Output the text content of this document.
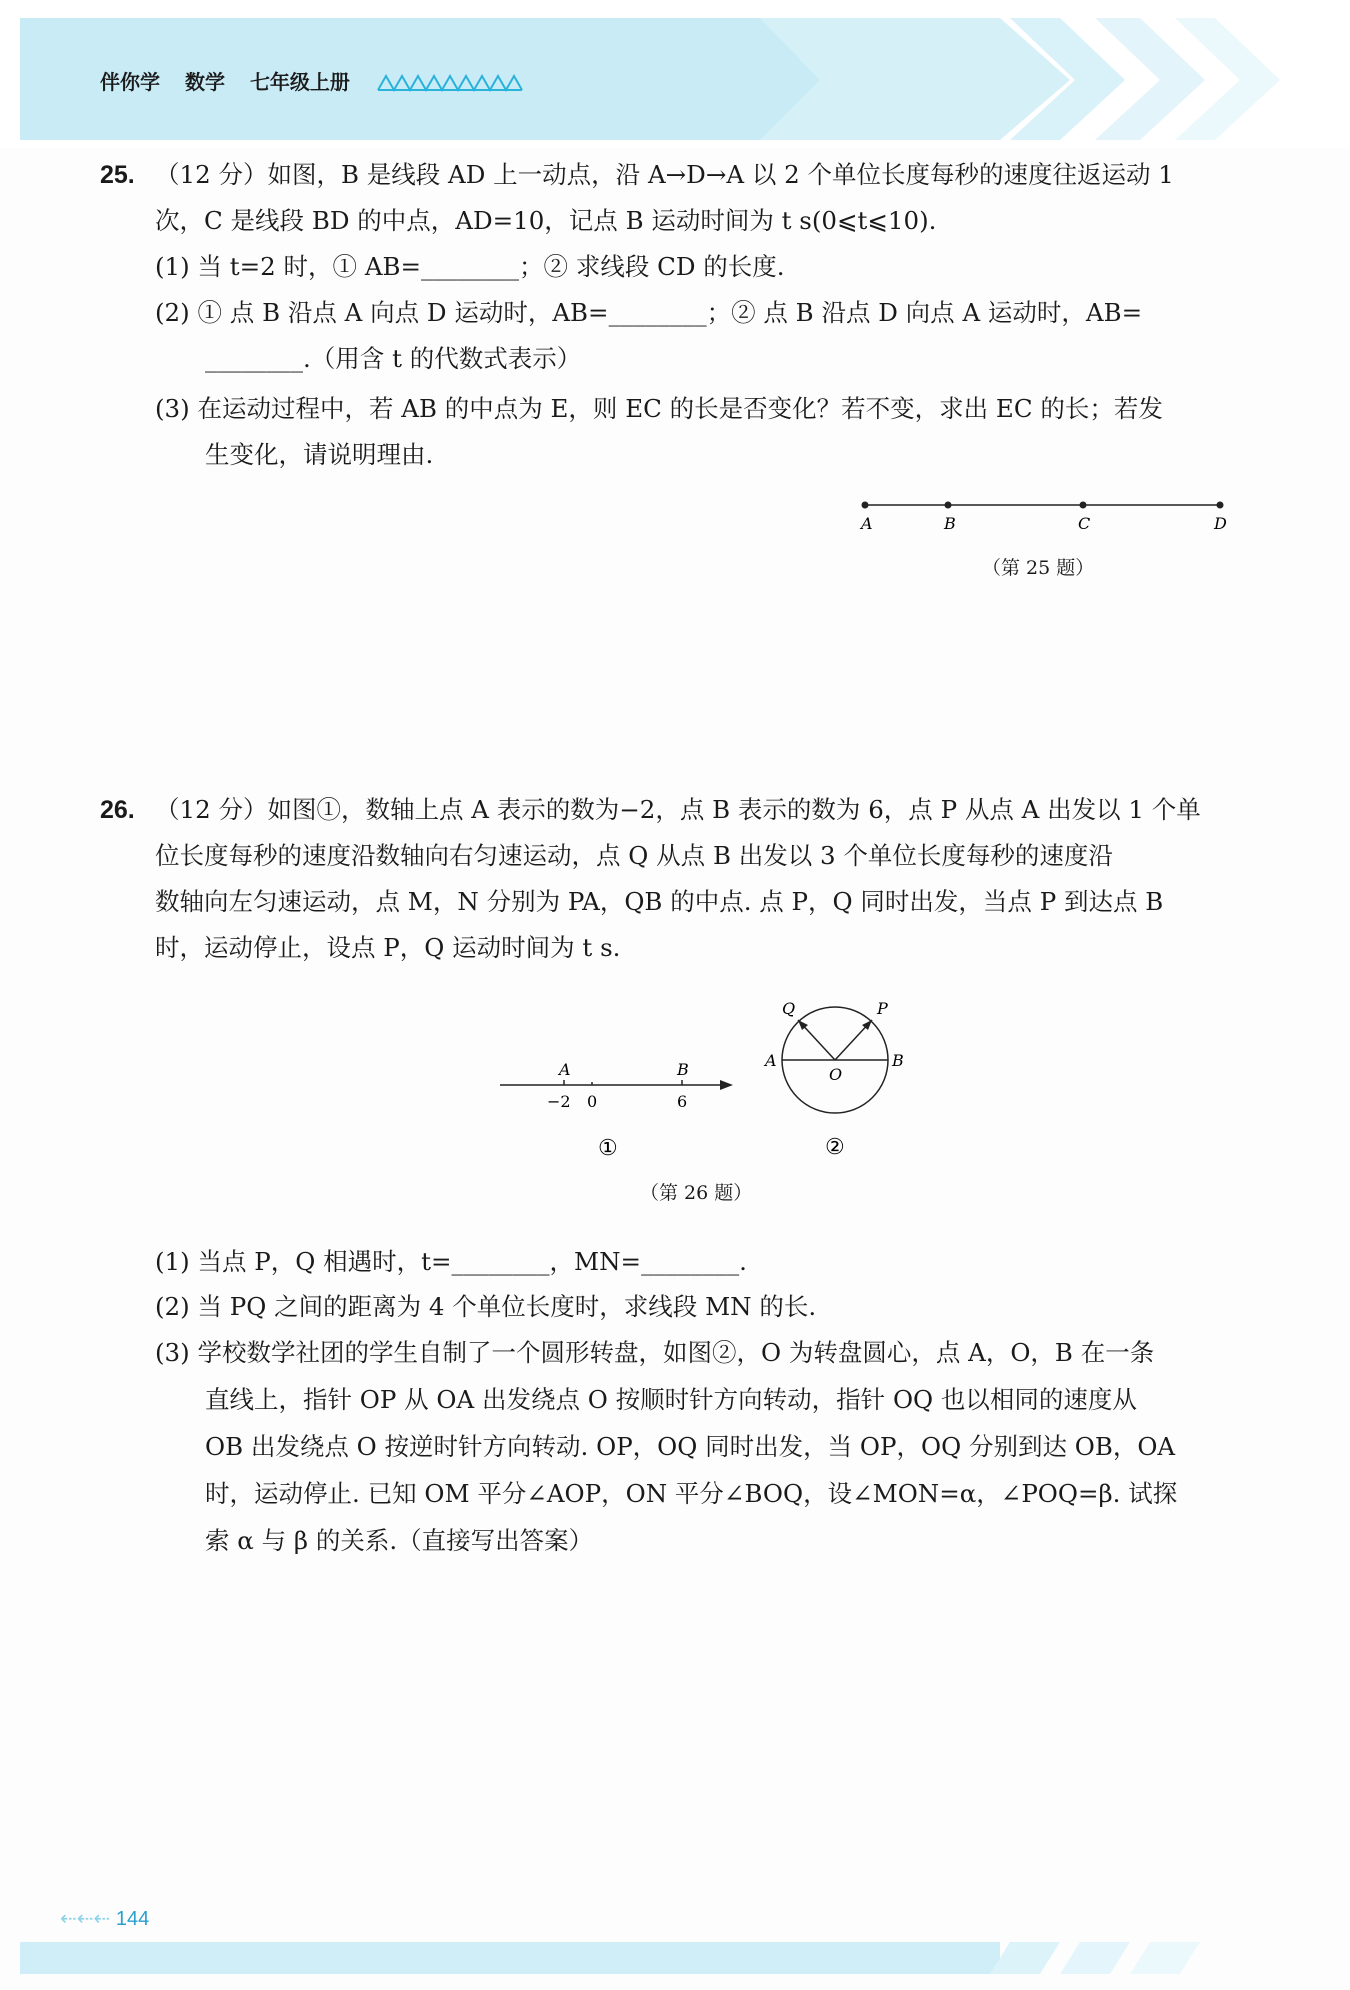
伴你学 数学 七年级上册
25. （12 分）如图，B 是线段 AD 上一动点，沿 A→D→A 以 2 个单位长度每秒的速度往返运动 1
次，C 是线段 BD 的中点，AD=10，记点 B 运动时间为 t s(0⩽t⩽10).
(1) 当 t=2 时，① AB=________；② 求线段 CD 的长度.
(2) ① 点 B 沿点 A 向点 D 运动时，AB=________；② 点 B 沿点 D 向点 A 运动时，AB=
________.（用含 t 的代数式表示）
(3) 在运动过程中，若 AB 的中点为 E，则 EC 的长是否变化？若不变，求出 EC 的长；若发
生变化，请说明理由.
A	B	C	D
（第 25 题）
26. （12 分）如图①，数轴上点 A 表示的数为−2，点 B 表示的数为 6，点 P 从点 A 出发以 1 个单
位长度每秒的速度沿数轴向右匀速运动，点 Q 从点 B 出发以 3 个单位长度每秒的速度沿
数轴向左匀速运动，点 M，N 分别为 PA，QB 的中点. 点 P，Q 同时出发，当点 P 到达点 B
时，运动停止，设点 P，Q 运动时间为 t s.
A	B
−2 0	6
①
Q	P
A	B
O
②
（第 26 题）
(1) 当点 P，Q 相遇时，t=________，MN=________.
(2) 当 PQ 之间的距离为 4 个单位长度时，求线段 MN 的长.
(3) 学校数学社团的学生自制了一个圆形转盘，如图②，O 为转盘圆心，点 A，O，B 在一条
直线上，指针 OP 从 OA 出发绕点 O 按顺时针方向转动，指针 OQ 也以相同的速度从
OB 出发绕点 O 按逆时针方向转动. OP，OQ 同时出发，当 OP，OQ 分别到达 OB，OA
时，运动停止. 已知 OM 平分∠AOP，ON 平分∠BOQ，设∠MON=α，∠POQ=β. 试探
索 α 与 β 的关系.（直接写出答案）
⇠⇠⇠ 144
